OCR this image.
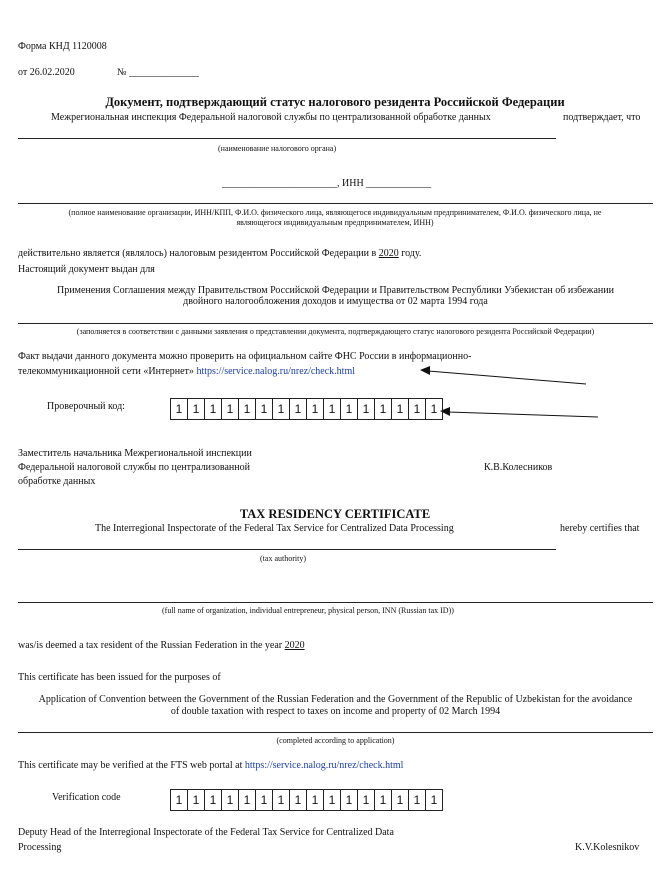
Форма КНД 1120008
от 26.02.2020	№ ______________
Документ, подтверждающий статус налогового резидента Российской Федерации
Межрегиональная инспекция Федеральной налоговой службы по централизованной обработке данных	подтверждает, что
(наименование налогового органа)
_______________________, ИНН _____________
(полное наименование организации, ИНН/КПП, Ф.И.О. физического лица, являющегося индивидуальным предпринимателем, Ф.И.О. физического лица, не
являющегося индивидуальным предпринимателем, ИНН)
действительно является (являлось) налоговым резидентом Российской Федерации в 2020 году.
Настоящий документ выдан для
Применения Соглашения между Правительством Российской Федерации и Правительством Республики Узбекистан об избежании
двойного налогообложения доходов и имущества от 02 марта 1994 года
(заполняется в соответствии с данными заявления о представлении документа, подтверждающего статус налогового резидента Российской Федерации)
Факт выдачи данного документа можно проверить на официальном сайте ФНС России в информационно-
телекоммуникационной сети «Интернет» https://service.nalog.ru/nrez/check.html
Проверочный код:	1 1 1 1 1 1 1 1 1 1 1 1 1 1 1 1
Заместитель начальника Межрегиональной инспекции
Федеральной налоговой службы по централизованной
обработке данных
К.В.Колесников
TAX RESIDENCY CERTIFICATE
The Interregional Inspectorate of the Federal Tax Service for Centralized Data Processing	hereby certifies that
(tax authority)
(full name of organization, individual entrepreneur, physical person, INN (Russian tax ID))
was/is deemed a tax resident of the Russian Federation in the year 2020
This certificate has been issued for the purposes of
Application of Convention between the Government of the Russian Federation and the Government of the Republic of Uzbekistan for the avoidance
of double taxation with respect to taxes on income and property of 02 March 1994
(completed according to application)
This certificate may be verified at the FTS web portal at https://service.nalog.ru/nrez/check.html
Verification code	1 1 1 1 1 1 1 1 1 1 1 1 1 1 1 1
Deputy Head of the Interregional Inspectorate of the Federal Tax Service for Centralized Data
Processing	K.V.Kolesnikov
